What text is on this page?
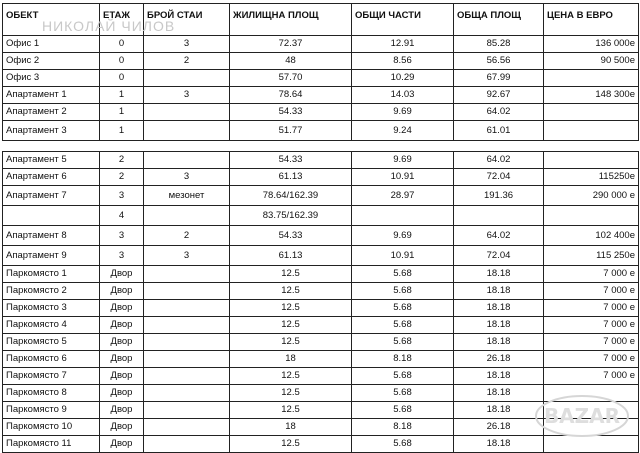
ОБЕКТ	ЕТАЖ	БРОЙ СТАИ	ЖИЛИЩНА ПЛОЩ	ОБЩИ ЧАСТИ	ОБЩА ПЛОЩ	ЦЕНА В ЕВРО
Офис 1	0	3	72.37	12.91	85.28	136 000е
Офис 2	0	2	48	8.56	56.56	90 500е
Офис 3	0		57.70	10.29	67.99	
Апартамент 1	1	3	78.64	14.03	92.67	148 300е
Апартамент 2	1		54.33	9.69	64.02	
Апартамент 3	1		51.77	9.24	61.01	

Апартамент 5	2		54.33	9.69	64.02	
Апартамент 6	2	3	61.13	10.91	72.04	115250е
Апартамент 7	3	мезонет	78.64/162.39	28.97	191.36	290 000 е
	4		83.75/162.39			
Апартамент 8	3	2	54.33	9.69	64.02	102 400е
Апартамент 9	3	3	61.13	10.91	72.04	115 250е
Паркомясто 1	Двор		12.5	5.68	18.18	7 000 е
Паркомясто 2	Двор		12.5	5.68	18.18	7 000 е
Паркомясто 3	Двор		12.5	5.68	18.18	7 000 е
Паркомясто 4	Двор		12.5	5.68	18.18	7 000 е
Паркомясто 5	Двор		12.5	5.68	18.18	7 000 е
Паркомясто 6	Двор		18	8.18	26.18	7 000 е
Паркомясто 7	Двор		12.5	5.68	18.18	7 000 е
Паркомясто 8	Двор		12.5	5.68	18.18	
Паркомясто 9	Двор		12.5	5.68	18.18	
Паркомясто 10	Двор		18	8.18	26.18	
Паркомясто 11	Двор		12.5	5.68	18.18	
НИКОЛАЙ ЧИЛОВ
BAZAR
